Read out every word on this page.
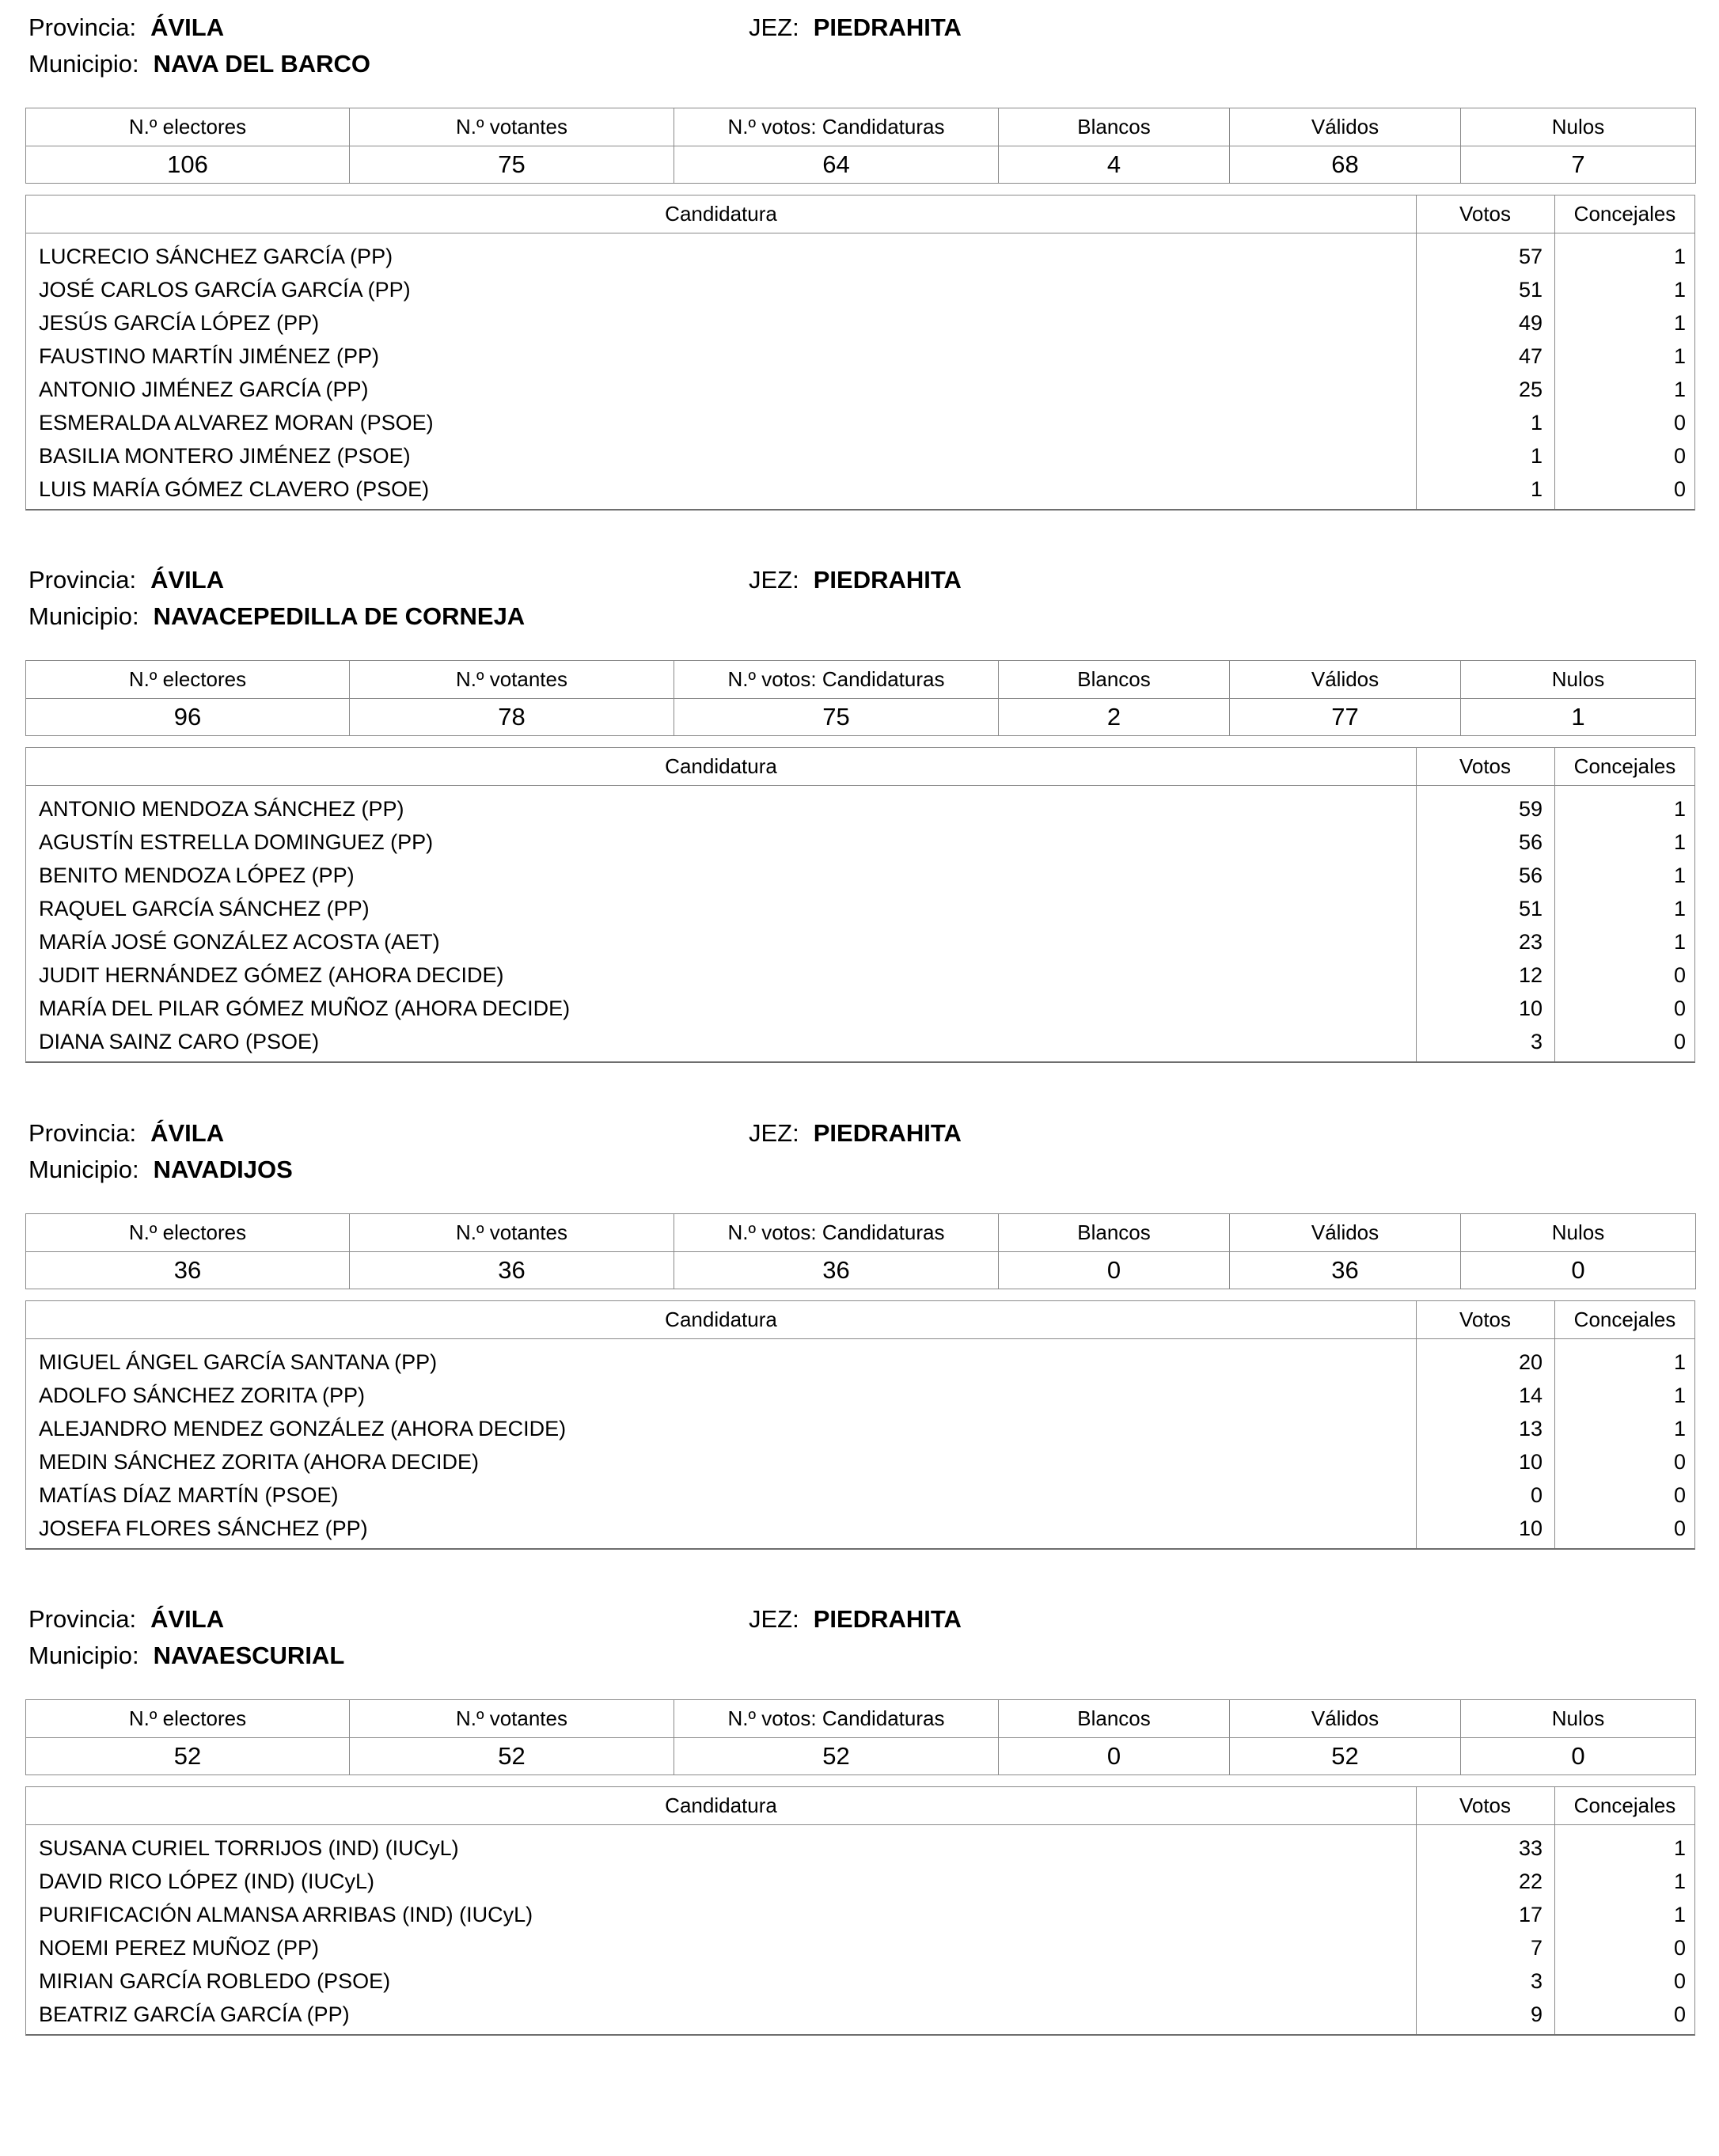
Provincia: ÁVILA	JEZ: PIEDRAHITA
Municipio: NAVA DEL BARCO
N.º electores	N.º votantes	N.º votos: Candidaturas	Blancos	Válidos	Nulos
106	75	64	4	68	7
Candidatura	Votos	Concejales
LUCRECIO SÁNCHEZ GARCÍA (PP)	57	1
JOSÉ CARLOS GARCÍA GARCÍA (PP)	51	1
JESÚS GARCÍA LÓPEZ (PP)	49	1
FAUSTINO MARTÍN JIMÉNEZ (PP)	47	1
ANTONIO JIMÉNEZ GARCÍA (PP)	25	1
ESMERALDA ALVAREZ MORAN (PSOE)	1	0
BASILIA MONTERO JIMÉNEZ (PSOE)	1	0
LUIS MARÍA GÓMEZ CLAVERO (PSOE)	1	0
Provincia: ÁVILA	JEZ: PIEDRAHITA
Municipio: NAVACEPEDILLA DE CORNEJA
N.º electores	N.º votantes	N.º votos: Candidaturas	Blancos	Válidos	Nulos
96	78	75	2	77	1
Candidatura	Votos	Concejales
ANTONIO MENDOZA SÁNCHEZ (PP)	59	1
AGUSTÍN ESTRELLA DOMINGUEZ (PP)	56	1
BENITO MENDOZA LÓPEZ (PP)	56	1
RAQUEL GARCÍA SÁNCHEZ (PP)	51	1
MARÍA JOSÉ GONZÁLEZ ACOSTA (AET)	23	1
JUDIT HERNÁNDEZ GÓMEZ (AHORA DECIDE)	12	0
MARÍA DEL PILAR GÓMEZ MUÑOZ (AHORA DECIDE)	10	0
DIANA SAINZ CARO (PSOE)	3	0
Provincia: ÁVILA	JEZ: PIEDRAHITA
Municipio: NAVADIJOS
N.º electores	N.º votantes	N.º votos: Candidaturas	Blancos	Válidos	Nulos
36	36	36	0	36	0
Candidatura	Votos	Concejales
MIGUEL ÁNGEL GARCÍA SANTANA (PP)	20	1
ADOLFO SÁNCHEZ ZORITA (PP)	14	1
ALEJANDRO MENDEZ GONZÁLEZ (AHORA DECIDE)	13	1
MEDIN SÁNCHEZ ZORITA (AHORA DECIDE)	10	0
MATÍAS DÍAZ MARTÍN (PSOE)	0	0
JOSEFA FLORES SÁNCHEZ (PP)	10	0
Provincia: ÁVILA	JEZ: PIEDRAHITA
Municipio: NAVAESCURIAL
N.º electores	N.º votantes	N.º votos: Candidaturas	Blancos	Válidos	Nulos
52	52	52	0	52	0
Candidatura	Votos	Concejales
SUSANA CURIEL TORRIJOS (IND) (IUCyL)	33	1
DAVID RICO LÓPEZ (IND) (IUCyL)	22	1
PURIFICACIÓN ALMANSA ARRIBAS (IND) (IUCyL)	17	1
NOEMI PEREZ MUÑOZ (PP)	7	0
MIRIAN GARCÍA ROBLEDO (PSOE)	3	0
BEATRIZ GARCÍA GARCÍA (PP)	9	0
